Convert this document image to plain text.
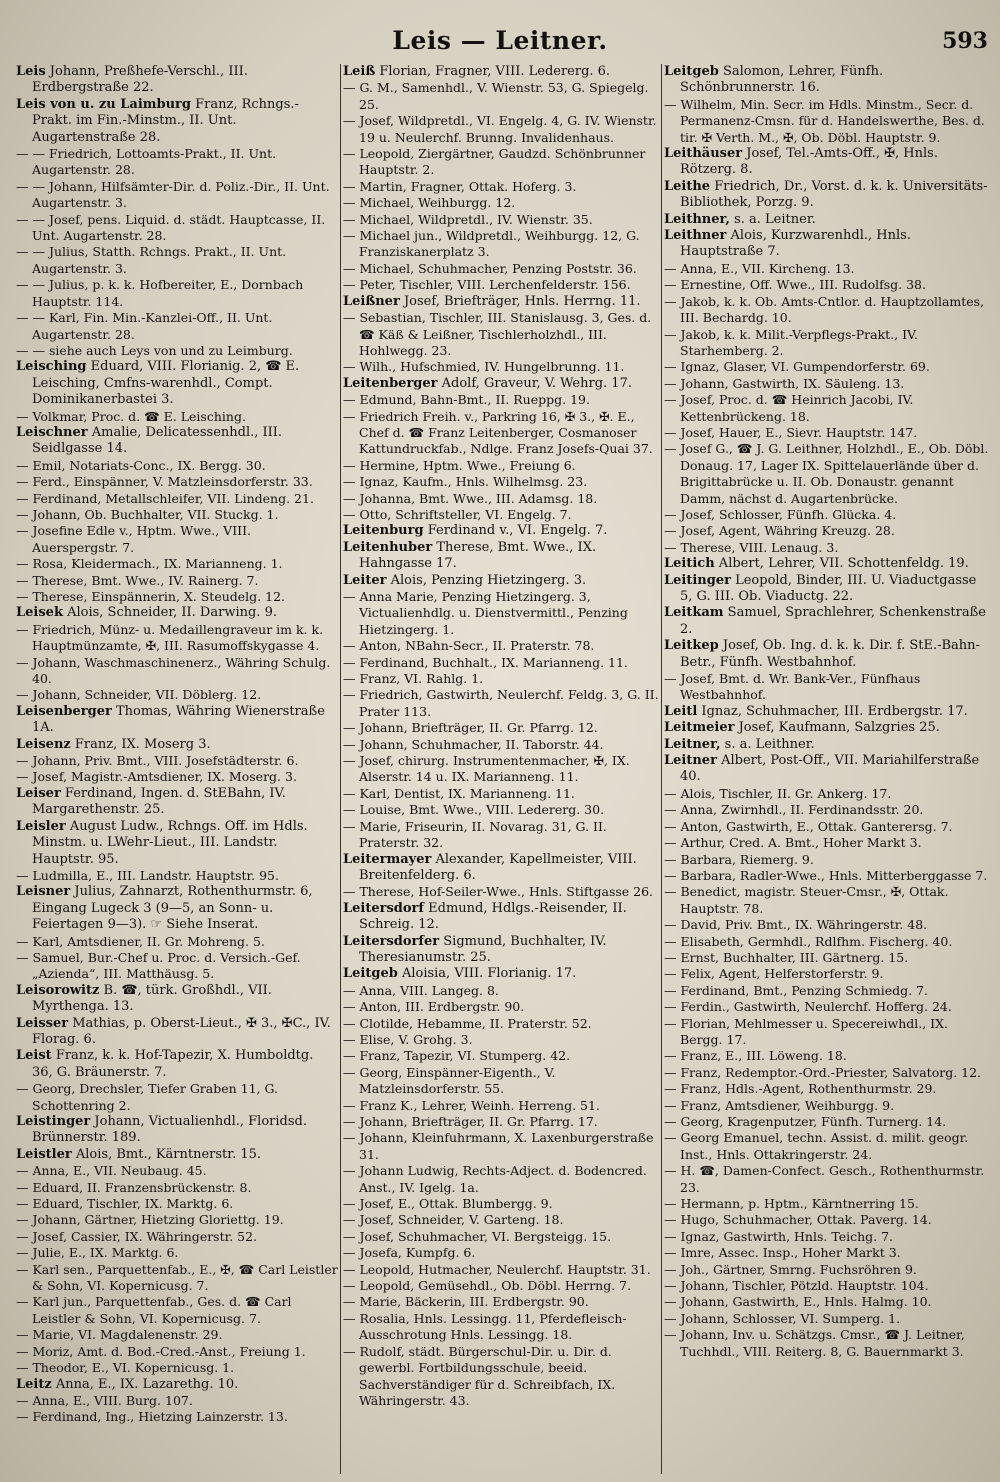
Leis — Leitner.	593

Leis Johann, Preßhefe-Verschl., III. Erdbergstraße 22.

Leis von u. zu Laimburg Franz, Rchngs.-Prakt. im Fin.-Minstm., II. Unt. Augartenstraße 28.

— — Friedrich, Lottoamts-Prakt., II. Unt. Augartenstr. 28.

— — Johann, Hilfsämter-Dir. d. Poliz.-Dir., II. Unt. Augartenstr. 3.

— — Josef, pens. Liquid. d. städt. Hauptcasse, II. Unt. Augartenstr. 28.

— — Julius, Statth. Rchngs. Prakt., II. Unt. Augartenstr. 3.

— — Julius, p. k. k. Hofbereiter, E., Dornbach Hauptstr. 114.

— — Karl, Fin. Min.-Kanzlei-Off., II. Unt. Augartenstr. 28.

— — siehe auch Leys von und zu Leimburg.

Leisching Eduard, VIII. Florianig. 2, ☎ E. Leisching, Cmfns-warenhdl., Compt. Dominikanerbastei 3.

— Volkmar, Proc. d. ☎ E. Leisching.

Leischner Amalie, Delicatessenhdl., III. Seidlgasse 14.

— Emil, Notariats-Conc., IX. Bergg. 30.

— Ferd., Einspänner, V. Matzleinsdorferstr. 33.

— Ferdinand, Metallschleifer, VII. Lindeng. 21.

— Johann, Ob. Buchhalter, VII. Stuckg. 1.

— Josefine Edle v., Hptm. Wwe., VIII. Auerspergstr. 7.

— Rosa, Kleidermach., IX. Marianneng. 1.

— Therese, Bmt. Wwe., IV. Rainerg. 7.

— Therese, Einspännerin, X. Steudelg. 12.

Leisek Alois, Schneider, II. Darwing. 9.

— Friedrich, Münz- u. Medaillengraveur im k. k. Hauptmünzamte, ✠, III. Rasumoffskygasse 4.

— Johann, Waschmaschinenerz., Währing Schulg. 40.

— Johann, Schneider, VII. Döblerg. 12.

Leisenberger Thomas, Währing Wienerstraße 1A.

Leisenz Franz, IX. Moserg 3.

— Johann, Priv. Bmt., VIII. Josefstädterstr. 6.

— Josef, Magistr.-Amtsdiener, IX. Moserg. 3.

Leiser Ferdinand, Ingen. d. StEBahn, IV. Margarethenstr. 25.

Leisler August Ludw., Rchngs. Off. im Hdls. Minstm. u. LWehr-Lieut., III. Landstr. Hauptstr. 95.

— Ludmilla, E., III. Landstr. Hauptstr. 95.

Leisner Julius, Zahnarzt, Rothenthurmstr. 6, Eingang Lugeck 3 (9—5, an Sonn- u. Feiertagen 9—3). ☞ Siehe Inserat.

— Karl, Amtsdiener, II. Gr. Mohreng. 5.

— Samuel, Bur.-Chef u. Proc. d. Versich.-Gef. „Azienda“, III. Matthäusg. 5.

Leisorowitz B. ☎, türk. Großhdl., VII. Myrthenga. 13.

Leisser Mathias, p. Oberst-Lieut., ✠ 3., ✠C., IV. Florag. 6.

Leist Franz, k. k. Hof-Tapezir, X. Humboldtg. 36, G. Bräunerstr. 7.

— Georg, Drechsler, Tiefer Graben 11, G. Schottenring 2.

Leistinger Johann, Victualienhdl., Floridsd. Brünnerstr. 189.

Leistler Alois, Bmt., Kärntnerstr. 15.

— Anna, E., VII. Neubaug. 45.

— Eduard, II. Franzensbrückenstr. 8.

— Eduard, Tischler, IX. Marktg. 6.

— Johann, Gärtner, Hietzing Gloriettg. 19.

— Josef, Cassier, IX. Währingerstr. 52.

— Julie, E., IX. Marktg. 6.

— Karl sen., Parquettenfab., E., ✠, ☎ Carl Leistler & Sohn, VI. Kopernicusg. 7.

— Karl jun., Parquettenfab., Ges. d. ☎ Carl Leistler & Sohn, VI. Kopernicusg. 7.

— Marie, VI. Magdalenenstr. 29.

— Moriz, Amt. d. Bod.-Cred.-Anst., Freiung 1.

— Theodor, E., VI. Kopernicusg. 1.

Leitz Anna, E., IX. Lazarethg. 10.

— Anna, E., VIII. Burg. 107.

— Ferdinand, Ing., Hietzing Lainzerstr. 13.

Leiß Florian, Fragner, VIII. Ledererg. 6.

— G. M., Samenhdl., V. Wienstr. 53, G. Spiegelg. 25.

— Josef, Wildpretdl., VI. Engelg. 4, G. IV. Wienstr. 19 u. Neulerchf. Brunng. Invalidenhaus.

— Leopold, Ziergärtner, Gaudzd. Schönbrunner Hauptstr. 2.

— Martin, Fragner, Ottak. Hoferg. 3.

— Michael, Weihburgg. 12.

— Michael, Wildpretdl., IV. Wienstr. 35.

— Michael jun., Wildpretdl., Weihburgg. 12, G. Franziskanerplatz 3.

— Michael, Schuhmacher, Penzing Poststr. 36.

— Peter, Tischler, VIII. Lerchenfelderstr. 156.

Leißner Josef, Briefträger, Hnls. Herrng. 11.

— Sebastian, Tischler, III. Stanislausg. 3, Ges. d. ☎ Käß & Leißner, Tischlerholzhdl., III. Hohlwegg. 23.

— Wilh., Hufschmied, IV. Hungelbrunng. 11.

Leitenberger Adolf, Graveur, V. Wehrg. 17.

— Edmund, Bahn-Bmt., II. Rueppg. 19.

— Friedrich Freih. v., Parkring 16, ✠ 3., ✠. E., Chef d. ☎ Franz Leitenberger, Cosmanoser Kattundruckfab., Ndlge. Franz Josefs-Quai 37.

— Hermine, Hptm. Wwe., Freiung 6.

— Ignaz, Kaufm., Hnls. Wilhelmsg. 23.

— Johanna, Bmt. Wwe., III. Adamsg. 18.

— Otto, Schriftsteller, VI. Engelg. 7.

Leitenburg Ferdinand v., VI. Engelg. 7.

Leitenhuber Therese, Bmt. Wwe., IX. Hahngasse 17.

Leiter Alois, Penzing Hietzingerg. 3.

— Anna Marie, Penzing Hietzingerg. 3, Victualienhdlg. u. Dienstvermittl., Penzing Hietzingerg. 1.

— Anton, NBahn-Secr., II. Praterstr. 78.

— Ferdinand, Buchhalt., IX. Marianneng. 11.

— Franz, VI. Rahlg. 1.

— Friedrich, Gastwirth, Neulerchf. Feldg. 3, G. II. Prater 113.

— Johann, Briefträger, II. Gr. Pfarrg. 12.

— Johann, Schuhmacher, II. Taborstr. 44.

— Josef, chirurg. Instrumentenmacher, ✠, IX. Alserstr. 14 u. IX. Marianneng. 11.

— Karl, Dentist, IX. Marianneng. 11.

— Louise, Bmt. Wwe., VIII. Ledererg. 30.

— Marie, Friseurin, II. Novarag. 31, G. II. Praterstr. 32.

Leitermayer Alexander, Kapellmeister, VIII. Breitenfelderg. 6.

— Therese, Hof-Seiler-Wwe., Hnls. Stiftgasse 26.

Leitersdorf Edmund, Hdlgs.-Reisender, II. Schreig. 12.

Leitersdorfer Sigmund, Buchhalter, IV. Theresianumstr. 25.

Leitgeb Aloisia, VIII. Florianig. 17.

— Anna, VIII. Langeg. 8.

— Anton, III. Erdbergstr. 90.

— Clotilde, Hebamme, II. Praterstr. 52.

— Elise, V. Grohg. 3.

— Franz, Tapezir, VI. Stumperg. 42.

— Georg, Einspänner-Eigenth., V. Matzleinsdorferstr. 55.

— Franz K., Lehrer, Weinh. Herreng. 51.

— Johann, Briefträger, II. Gr. Pfarrg. 17.

— Johann, Kleinfuhrmann, X. Laxenburgerstraße 31.

— Johann Ludwig, Rechts-Adject. d. Bodencred. Anst., IV. Igelg. 1a.

— Josef, E., Ottak. Blumbergg. 9.

— Josef, Schneider, V. Garteng. 18.

— Josef, Schuhmacher, VI. Bergsteigg. 15.

— Josefa, Kumpfg. 6.

— Leopold, Hutmacher, Neulerchf. Hauptstr. 31.

— Leopold, Gemüsehdl., Ob. Döbl. Herrng. 7.

— Marie, Bäckerin, III. Erdbergstr. 90.

— Rosalia, Hnls. Lessingg. 11, Pferdefleisch-Ausschrotung Hnls. Lessingg. 18.

— Rudolf, städt. Bürgerschul-Dir. u. Dir. d. gewerbl. Fortbildungsschule, beeid. Sachverständiger für d. Schreibfach, IX. Währingerstr. 43.

Leitgeb Salomon, Lehrer, Fünfh. Schönbrunnerstr. 16.

— Wilhelm, Min. Secr. im Hdls. Minstm., Secr. d. Permanenz-Cmsn. für d. Handelswerthe, Bes. d. tir. ✠ Verth. M., ✠, Ob. Döbl. Hauptstr. 9.

Leithäuser Josef, Tel.-Amts-Off., ✠, Hnls. Rötzerg. 8.

Leithe Friedrich, Dr., Vorst. d. k. k. Universitäts-Bibliothek, Porzg. 9.

Leithner, s. a. Leitner.

Leithner Alois, Kurzwarenhdl., Hnls. Hauptstraße 7.

— Anna, E., VII. Kircheng. 13.

— Ernestine, Off. Wwe., III. Rudolfsg. 38.

— Jakob, k. k. Ob. Amts-Cntlor. d. Hauptzollamtes, III. Bechardg. 10.

— Jakob, k. k. Milit.-Verpflegs-Prakt., IV. Starhemberg. 2.

— Ignaz, Glaser, VI. Gumpendorferstr. 69.

— Johann, Gastwirth, IX. Säuleng. 13.

— Josef, Proc. d. ☎ Heinrich Jacobi, IV. Kettenbrückeng. 18.

— Josef, Hauer, E., Sievr. Hauptstr. 147.

— Josef G., ☎ J. G. Leithner, Holzhdl., E., Ob. Döbl. Donaug. 17, Lager IX. Spittelauerlände über d. Brigittabrücke u. II. Ob. Donaustr. genannt Damm, nächst d. Augartenbrücke.

— Josef, Schlosser, Fünfh. Glücka. 4.

— Josef, Agent, Währing Kreuzg. 28.

— Therese, VIII. Lenaug. 3.

Leitich Albert, Lehrer, VII. Schottenfeldg. 19.

Leitinger Leopold, Binder, III. U. Viaductgasse 5, G. III. Ob. Viaductg. 22.

Leitkam Samuel, Sprachlehrer, Schenkenstraße 2.

Leitkep Josef, Ob. Ing. d. k. k. Dir. f. StE.-Bahn-Betr., Fünfh. Westbahnhof.

— Josef, Bmt. d. Wr. Bank-Ver., Fünfhaus Westbahnhof.

Leitl Ignaz, Schuhmacher, III. Erdbergstr. 17.

Leitmeier Josef, Kaufmann, Salzgries 25.

Leitner, s. a. Leithner.

Leitner Albert, Post-Off., VII. Mariahilferstraße 40.

— Alois, Tischler, II. Gr. Ankerg. 17.

— Anna, Zwirnhdl., II. Ferdinandsstr. 20.

— Anton, Gastwirth, E., Ottak. Ganterersg. 7.

— Arthur, Cred. A. Bmt., Hoher Markt 3.

— Barbara, Riemerg. 9.

— Barbara, Radler-Wwe., Hnls. Mitterberggasse 7.

— Benedict, magistr. Steuer-Cmsr., ✠, Ottak. Hauptstr. 78.

— David, Priv. Bmt., IX. Währingerstr. 48.

— Elisabeth, Germhdl., Rdlfhm. Fischerg. 40.

— Ernst, Buchhalter, III. Gärtnerg. 15.

— Felix, Agent, Helferstorferstr. 9.

— Ferdinand, Bmt., Penzing Schmiedg. 7.

— Ferdin., Gastwirth, Neulerchf. Hofferg. 24.

— Florian, Mehlmesser u. Specereiwhdl., IX. Bergg. 17.

— Franz, E., III. Löweng. 18.

— Franz, Redemptor.-Ord.-Priester, Salvatorg. 12.

— Franz, Hdls.-Agent, Rothenthurmstr. 29.

— Franz, Amtsdiener, Weihburgg. 9.

— Georg, Kragenputzer, Fünfh. Turnerg. 14.

— Georg Emanuel, techn. Assist. d. milit. geogr. Inst., Hnls. Ottakringerstr. 24.

— H. ☎, Damen-Confect. Gesch., Rothenthurmstr. 23.

— Hermann, p. Hptm., Kärntnerring 15.

— Hugo, Schuhmacher, Ottak. Paverg. 14.

— Ignaz, Gastwirth, Hnls. Teichg. 7.

— Imre, Assec. Insp., Hoher Markt 3.

— Joh., Gärtner, Smrng. Fuchsröhren 9.

— Johann, Tischler, Pötzld. Hauptstr. 104.

— Johann, Gastwirth, E., Hnls. Halmg. 10.

— Johann, Schlosser, VI. Sumperg. 1.

— Johann, Inv. u. Schätzgs. Cmsr., ☎ J. Leitner, Tuchhdl., VIII. Reiterg. 8, G. Bauernmarkt 3.
